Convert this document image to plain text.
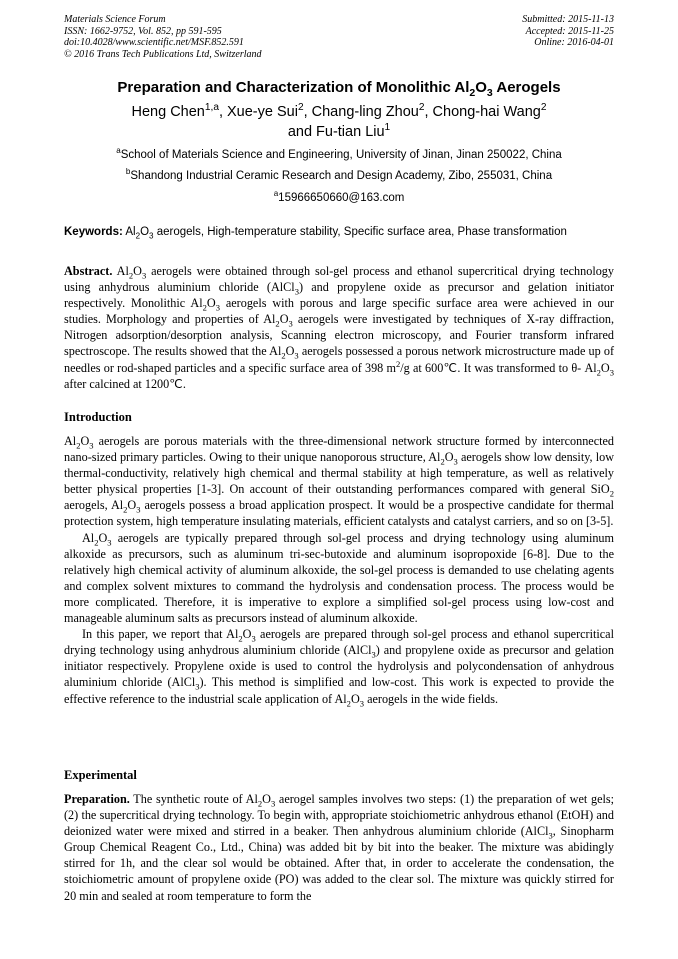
Materials Science Forum
ISSN: 1662-9752, Vol. 852, pp 591-595
doi:10.4028/www.scientific.net/MSF.852.591
© 2016 Trans Tech Publications Ltd, Switzerland
Submitted: 2015-11-13
Accepted: 2015-11-25
Online: 2016-04-01
Preparation and Characterization of Monolithic $Al_2O_3$ Aerogels
Heng Chen$^{1,a}$, Xue-ye Sui$^2$, Chang-ling Zhou$^2$, Chong-hai Wang$^2$
and Fu-tian Liu$^1$
$^a$School of Materials Science and Engineering, University of Jinan, Jinan 250022, China
$^b$Shandong Industrial Ceramic Research and Design Academy, Zibo, 255031, China
$^a$15966650660@163.com
Keywords: $Al_2O_3$ aerogels, High-temperature stability, Specific surface area, Phase transformation

Abstract. $Al_2O_3$ aerogels were obtained through sol-gel process and ethanol supercritical drying technology using anhydrous aluminium chloride (AlCl$_3$) and propylene oxide as precursor and gelation initiator respectively. Monolithic $Al_2O_3$ aerogels with porous and large specific surface area were achieved in our studies. Morphology and properties of $Al_2O_3$ aerogels were investigated by techniques of X-ray diffraction, Nitrogen adsorption/desorption analysis, Scanning electron microscopy, and Fourier transform infrared spectroscope. The results showed that the $Al_2O_3$ aerogels possessed a porous network microstructure made up of needles or rod-shaped particles and a specific surface area of 398 $m^2/g$ at 600℃. It was transformed to θ- $Al_2O_3$ after calcined at 1200℃.

Introduction

$Al_2O_3$ aerogels are porous materials with the three-dimensional network structure formed by interconnected nano-sized primary particles. Owing to their unique nanoporous structure, $Al_2O_3$ aerogels show low density, low thermal-conductivity, relatively high chemical and thermal stability at high temperature, as well as relatively better physical properties [1-3]. On account of their outstanding performances compared with general SiO$_2$ aerogels, $Al_2O_3$ aerogels possess a broad application prospect. It would be a prospective candidate for thermal protection system, high temperature insulating materials, efficient catalysts and catalyst carriers, and so on [3-5].

$Al_2O_3$ aerogels are typically prepared through sol-gel process and drying technology using aluminum alkoxide as precursors, such as aluminum tri-sec-butoxide and aluminum isopropoxide [6-8]. Due to the relatively high chemical activity of aluminum alkoxide, the sol-gel process is demanded to use chelating agents and complex solvent mixtures to command the hydrolysis and condensation process. The process would be more complicated. Therefore, it is imperative to explore a simplified sol-gel process using low-cost and manageable aluminum salts as precursors instead of aluminum alkoxide.

In this paper, we report that $Al_2O_3$ aerogels are prepared through sol-gel process and ethanol supercritical drying technology using anhydrous aluminium chloride (AlCl$_3$) and propylene oxide as precursor and gelation initiator respectively. Propylene oxide is used to control the hydrolysis and polycondensation of anhydrous aluminium chloride (AlCl$_3$). This method is simplified and low-cost. This work is expected to provide the effective reference to the industrial scale application of $Al_2O_3$ aerogels in the wide fields.

Experimental

Preparation. The synthetic route of $Al_2O_3$ aerogel samples involves two steps: (1) the preparation of wet gels; (2) the supercritical drying technology. To begin with, appropriate stoichiometric anhydrous ethanol (EtOH) and deionized water were mixed and stirred in a beaker. Then anhydrous aluminium chloride (AlCl$_3$, Sinopharm Group Chemical Reagent Co., Ltd., China) was added bit by bit into the beaker. The mixture was abidingly stirred for 1h, and the clear sol would be obtained. After that, in order to accelerate the condensation, the stoichiometric amount of propylene oxide (PO) was added to the clear sol. The mixture was quickly stirred for 20 min and sealed at room temperature to form the
